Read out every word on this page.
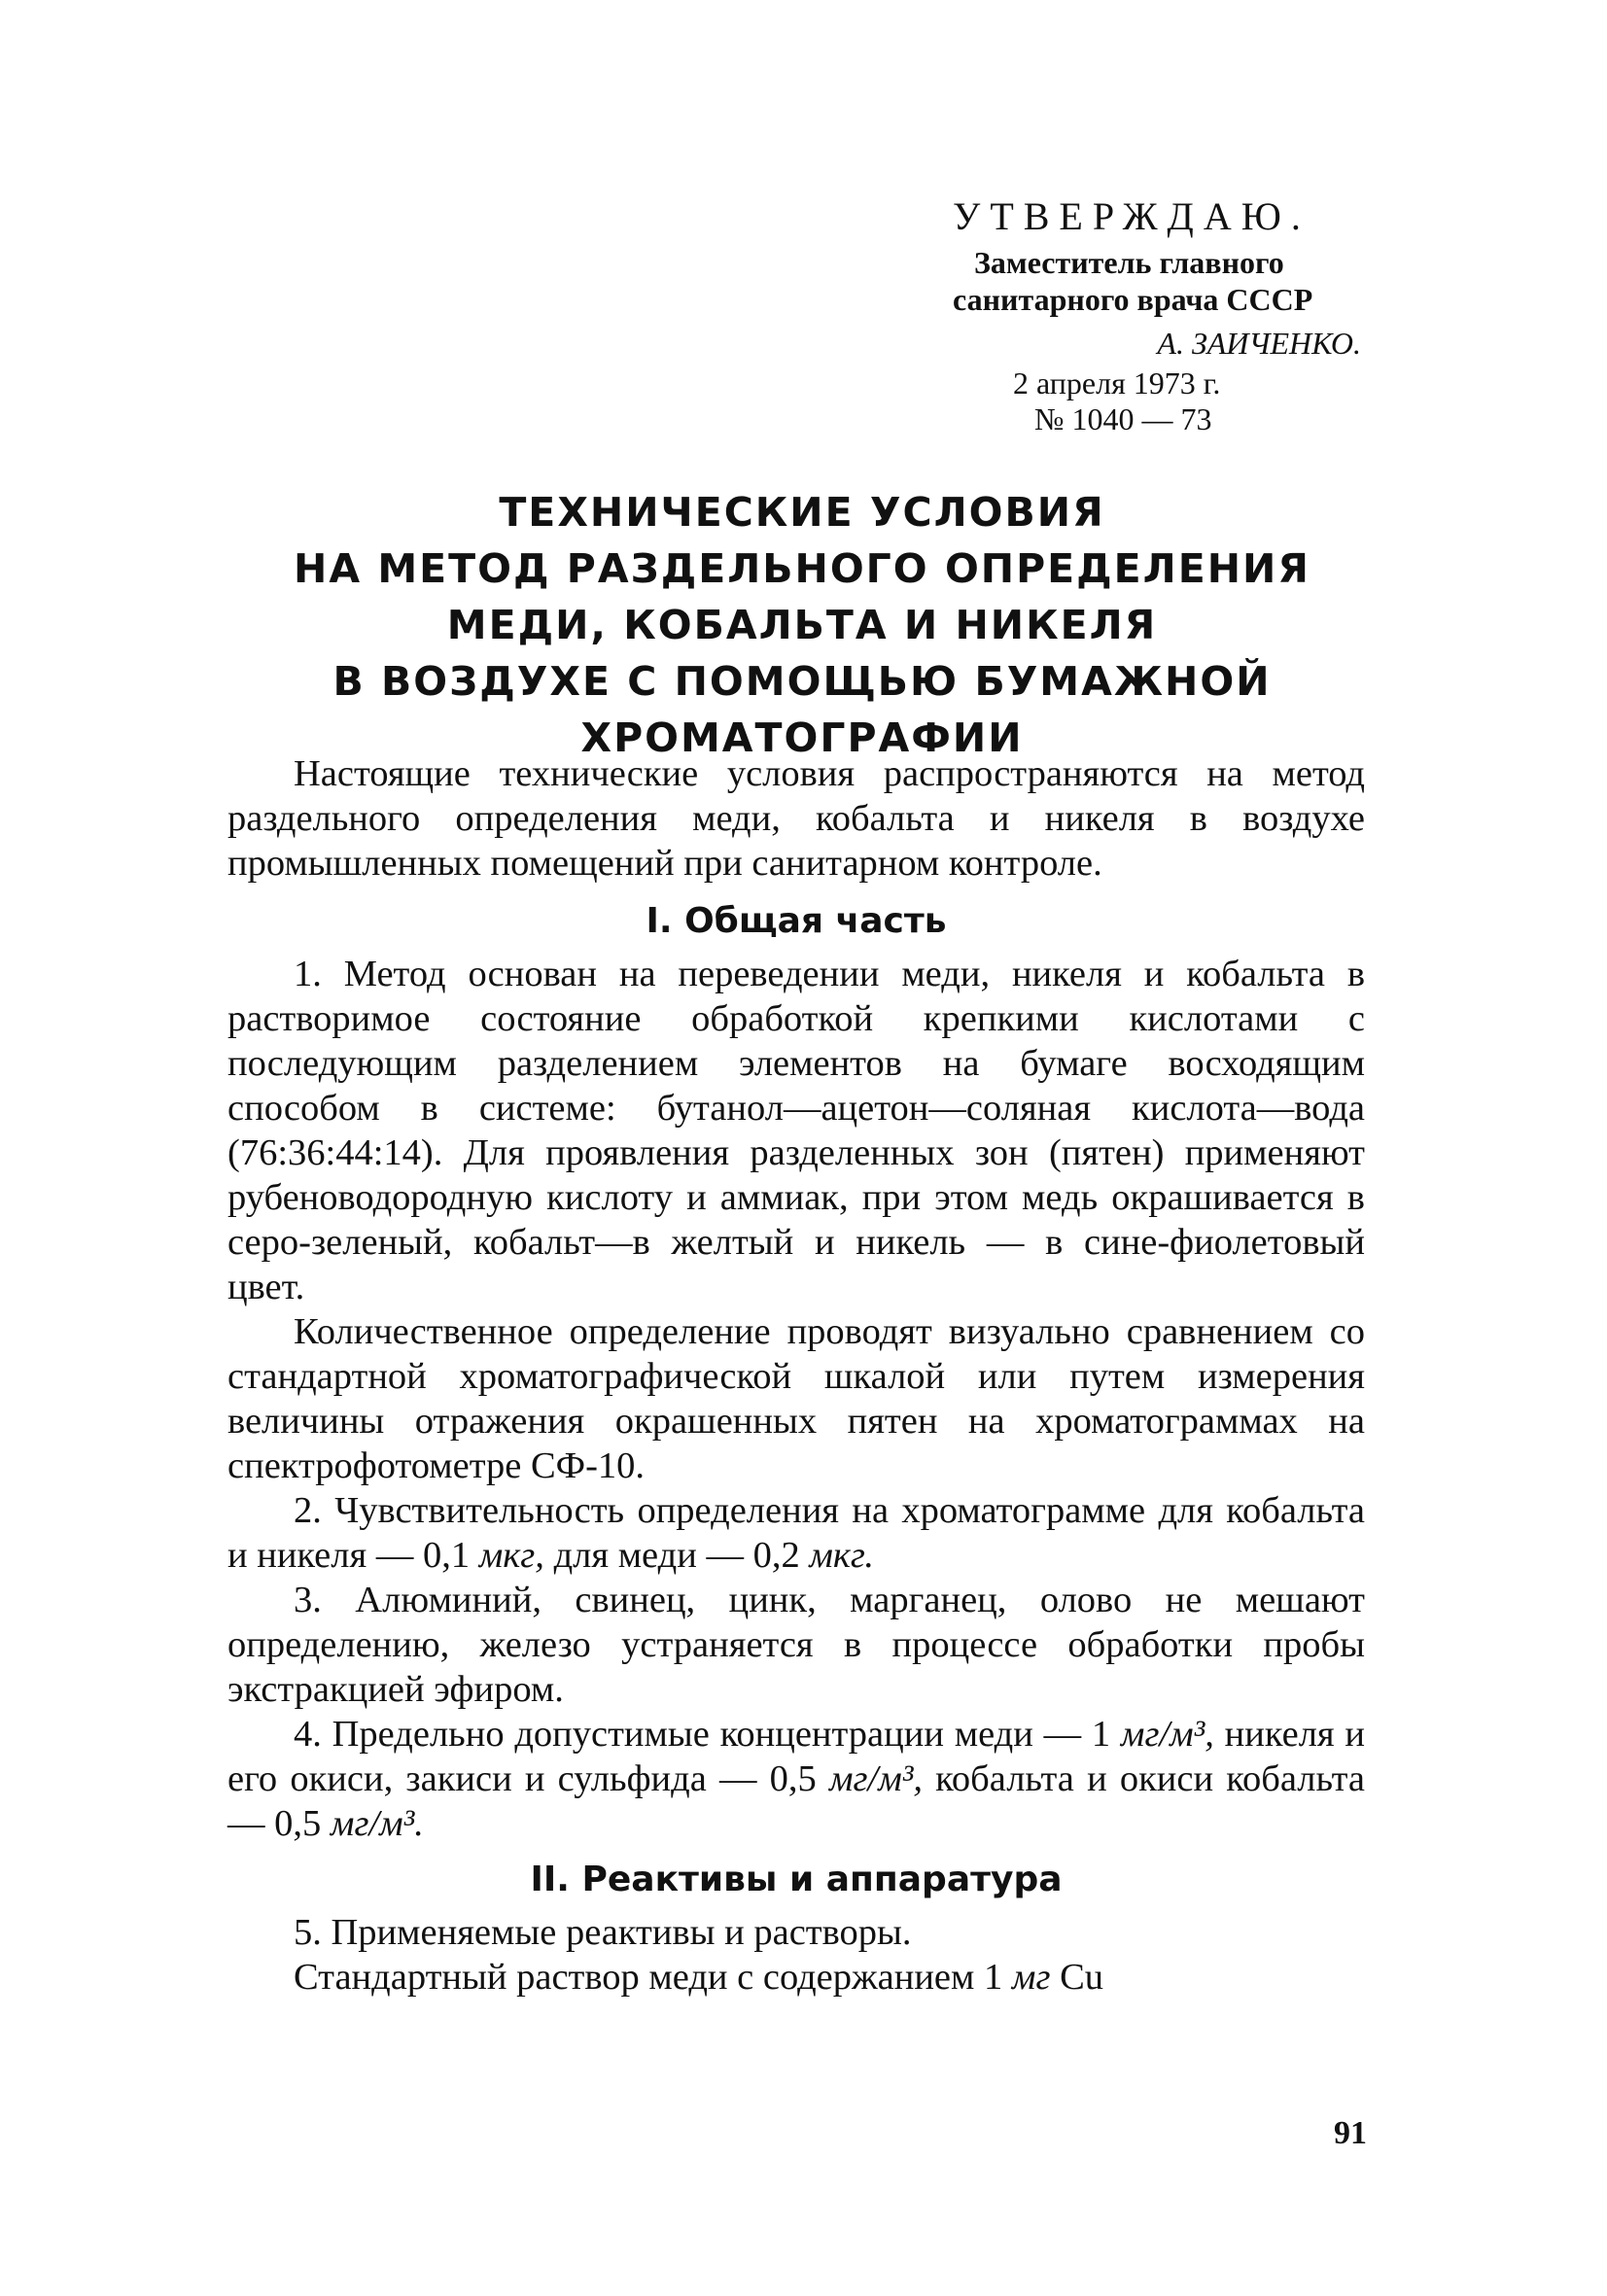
УТВЕРЖДАЮ.
Заместитель главного
санитарного врача СССР
А. ЗАИЧЕНКО.
2 апреля 1973 г.
№ 1040 — 73
ТЕХНИЧЕСКИЕ УСЛОВИЯ
НА МЕТОД РАЗДЕЛЬНОГО ОПРЕДЕЛЕНИЯ
МЕДИ, КОБАЛЬТА И НИКЕЛЯ
В ВОЗДУХЕ С ПОМОЩЬЮ БУМАЖНОЙ
ХРОМАТОГРАФИИ

Настоящие технические условия распространяются на метод раздельного определения меди, кобальта и никеля в воздухе промышленных помещений при санитарном контроле.

I. Общая часть

1. Метод основан на переведении меди, никеля и кобальта в растворимое состояние обработкой крепкими кислотами с последующим разделением элементов на бумаге восходящим способом в системе: бутанол—ацетон—соляная кислота—вода (76:36:44:14). Для проявления разделенных зон (пятен) применяют рубеноводородную кислоту и аммиак, при этом медь окрашивается в серо-зеленый, кобальт—в желтый и никель — в сине-фиолетовый цвет.

Количественное определение проводят визуально сравнением со стандартной хроматографической шкалой или путем измерения величины отражения окрашенных пятен на хроматограммах на спектрофотометре СФ-10.

2. Чувствительность определения на хроматограмме для кобальта и никеля — 0,1 мкг, для меди — 0,2 мкг.

3. Алюминий, свинец, цинк, марганец, олово не мешают определению, железо устраняется в процессе обработки пробы экстракцией эфиром.

4. Предельно допустимые концентрации меди — 1 мг/м³, никеля и его окиси, закиси и сульфида — 0,5 мг/м³, кобальта и окиси кобальта — 0,5 мг/м³.

II. Реактивы и аппаратура

5. Применяемые реактивы и растворы.

Стандартный раствор меди с содержанием 1 мг Cu

91
